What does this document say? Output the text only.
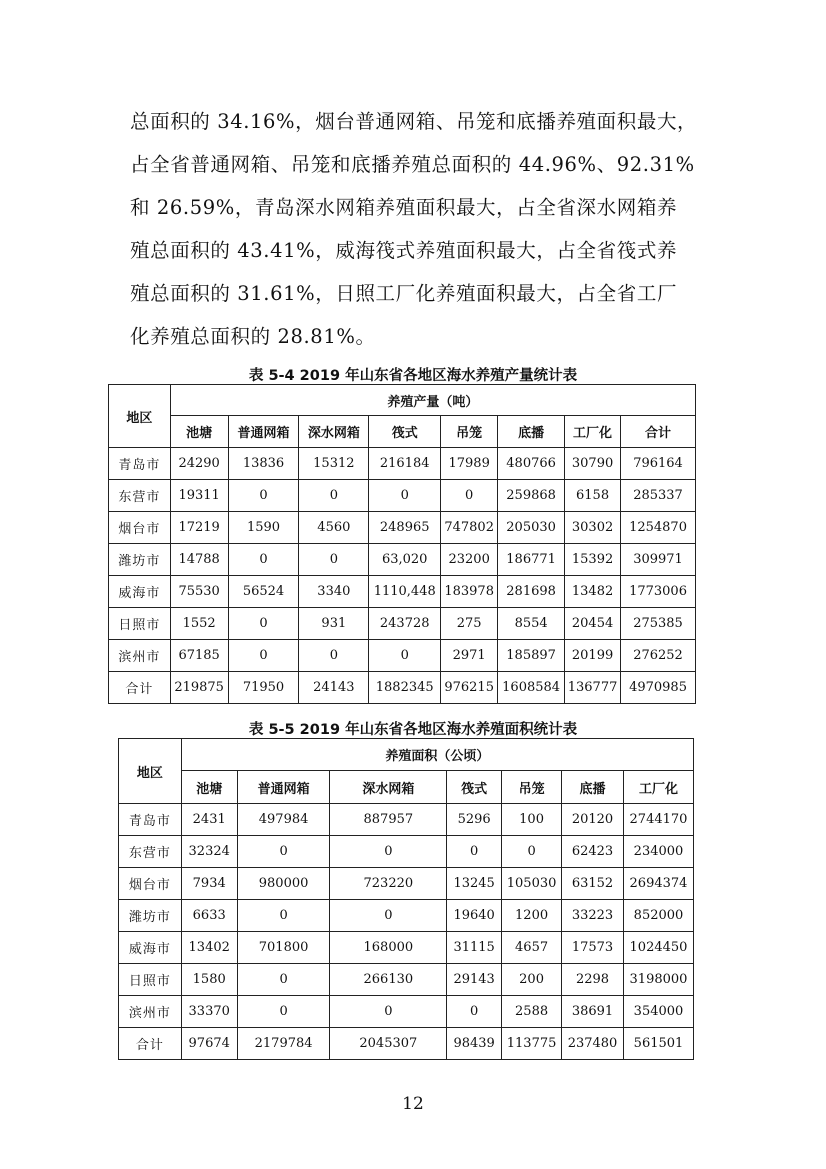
总面积的 34.16%，烟台普通网箱、吊笼和底播养殖面积最大，
占全省普通网箱、吊笼和底播养殖总面积的 44.96%、92.31%
和 26.59%，青岛深水网箱养殖面积最大，占全省深水网箱养
殖总面积的 43.41%，威海筏式养殖面积最大，占全省筏式养
殖总面积的 31.61%，日照工厂化养殖面积最大，占全省工厂
化养殖总面积的 28.81%。
表 5-4 2019 年山东省各地区海水养殖产量统计表
地区	养殖产量（吨）							
	池塘	普通网箱	深水网箱	筏式	吊笼	底播	工厂化	合计
青岛市	24290	13836	15312	216184	17989	480766	30790	796164
东营市	19311	0	0	0	0	259868	6158	285337
烟台市	17219	1590	4560	248965	747802	205030	30302	1254870
潍坊市	14788	0	0	63,020	23200	186771	15392	309971
威海市	75530	56524	3340	1110,448	183978	281698	13482	1773006
日照市	1552	0	931	243728	275	8554	20454	275385
滨州市	67185	0	0	0	2971	185897	20199	276252
合计	219875	71950	24143	1882345	976215	1608584	136777	4970985
表 5-5 2019 年山东省各地区海水养殖面积统计表
地区	养殖面积（公顷）						
	池塘	普通网箱	深水网箱	筏式	吊笼	底播	工厂化
青岛市	2431	497984	887957	5296	100	20120	2744170
东营市	32324	0	0	0	0	62423	234000
烟台市	7934	980000	723220	13245	105030	63152	2694374
潍坊市	6633	0	0	19640	1200	33223	852000
威海市	13402	701800	168000	31115	4657	17573	1024450
日照市	1580	0	266130	29143	200	2298	3198000
滨州市	33370	0	0	0	2588	38691	354000
合计	97674	2179784	2045307	98439	113775	237480	561501
12
